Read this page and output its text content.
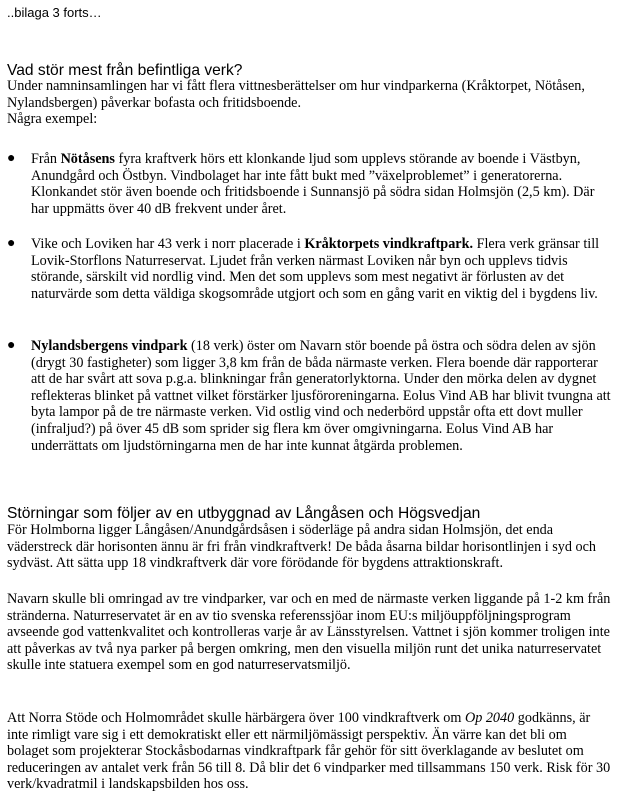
..bilaga 3 forts…
Vad stör mest från befintliga verk?

Under namninsamlingen har vi fått flera vittnesberättelser om hur vindparkerna (Kråktorpet, Nötåsen, Nylandsbergen) påverkar bofasta och fritidsboende.

Några exempel:

● Från Nötåsens fyra kraftverk hörs ett klonkande ljud som upplevs störande av boende i Västbyn, Anundgård och Östbyn. Vindbolaget har inte fått bukt med ”växelproblemet” i generatorerna. Klonkandet stör även boende och fritidsboende i Sunnansjö på södra sidan Holmsjön (2,5 km). Där har uppmätts över 40 dB frekvent under året.

● Vike och Loviken har 43 verk i norr placerade i Kråktorpets vindkraftpark. Flera verk gränsar till Lovik-Storflons Naturreservat. Ljudet från verken närmast Loviken når byn och upplevs tidvis störande, särskilt vid nordlig vind. Men det som upplevs som mest negativt är förlusten av det naturvärde som detta väldiga skogsområde utgjort och som en gång varit en viktig del i bygdens liv.

● Nylandsbergens vindpark (18 verk) öster om Navarn stör boende på östra och södra delen av sjön (drygt 30 fastigheter) som ligger 3,8 km från de båda närmaste verken. Flera boende där rapporterar att de har svårt att sova p.g.a. blinkningar från generatorlyktorna. Under den mörka delen av dygnet reflekteras blinket på vattnet vilket förstärker ljusföroreningarna. Eolus Vind AB har blivit tvungna att byta lampor på de tre närmaste verken. Vid ostlig vind och nederbörd uppstår ofta ett dovt muller (infraljud?) på över 45 dB som sprider sig flera km över omgivningarna. Eolus Vind AB har underrättats om ljudstörningarna men de har inte kunnat åtgärda problemen.

Störningar som följer av en utbyggnad av Långåsen och Högsvedjan
För Holmborna ligger Långåsen/Anundgårdsåsen i söderläge på andra sidan Holmsjön, det enda väderstreck där horisonten ännu är fri från vindkraftverk! De båda åsarna bildar horisontlinjen i syd och sydväst. Att sätta upp 18 vindkraftverk där vore förödande för bygdens attraktionskraft.
Navarn skulle bli omringad av tre vindparker, var och en med de närmaste verken liggande på 1-2 km från stränderna. Naturreservatet är en av tio svenska referenssjöar inom EU:s miljöuppföljningsprogram avseende god vattenkvalitet och kontrolleras varje år av Länsstyrelsen. Vattnet i sjön kommer troligen inte att påverkas av två nya parker på bergen omkring, men den visuella miljön runt det unika naturreservatet skulle inte statuera exempel som en god naturreservatsmiljö.
Att Norra Stöde och Holmområdet skulle härbärgera över 100 vindkraftverk om Op 2040 godkänns, är inte rimligt vare sig i ett demokratiskt eller ett närmiljömässigt perspektiv. Än värre kan det bli om bolaget som projekterar Stockåsbodarnas vindkraftpark får gehör för sitt överklagande av beslutet om reduceringen av antalet verk från 56 till 8. Då blir det 6 vindparker med tillsammans 150 verk. Risk för 30 verk/kvadratmil i landskapsbilden hos oss.
